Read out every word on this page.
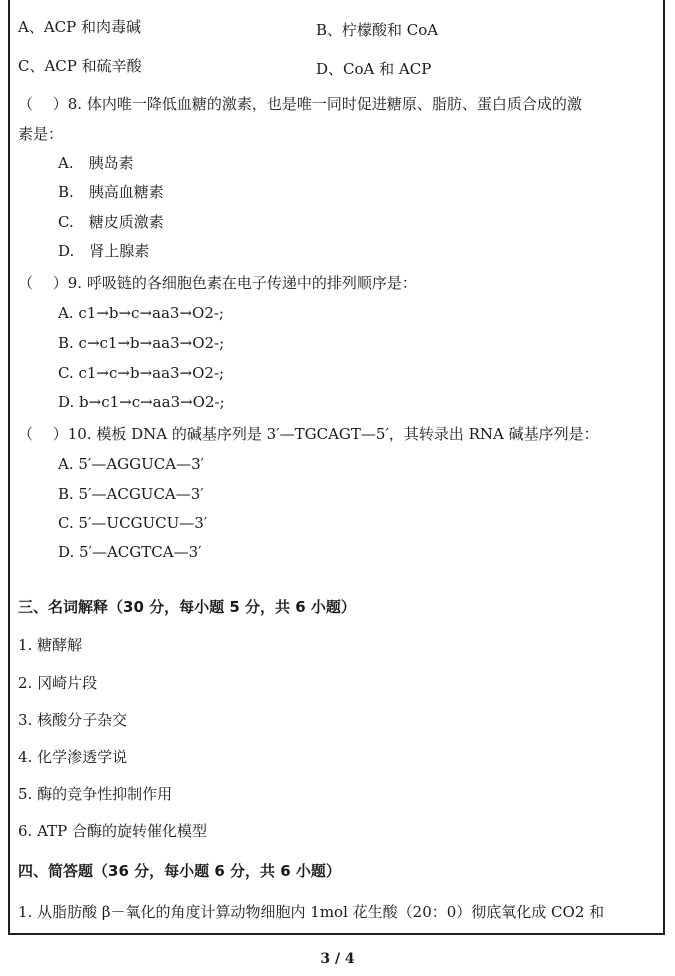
A、ACP 和肉毒碱	B、柠檬酸和 CoA
C、ACP 和硫辛酸	D、CoA 和 ACP
（　 ）8. 体内唯一降低血糖的激素，也是唯一同时促进糖原、脂肪、蛋白质合成的激
素是：
A.　胰岛素
B.　胰高血糖素
C.　糖皮质激素
D.　肾上腺素
（　 ）9. 呼吸链的各细胞色素在电子传递中的排列顺序是：
A. c1→b→c→aa3→O2-;
B. c→c1→b→aa3→O2-;
C. c1→c→b→aa3→O2-;
D. b→c1→c→aa3→O2-;
（　 ）10. 模板 DNA 的碱基序列是 3′—TGCAGT—5′，其转录出 RNA 碱基序列是：
A. 5′—AGGUCA—3′
B. 5′—ACGUCA—3′
C. 5′—UCGUCU—3′
D. 5′—ACGTCA—3′
三、名词解释（30 分，每小题 5 分，共 6 小题）
1. 糖酵解
2. 冈崎片段
3. 核酸分子杂交
4. 化学渗透学说
5. 酶的竞争性抑制作用
6. ATP 合酶的旋转催化模型
四、简答题（36 分，每小题 6 分，共 6 小题）
1. 从脂肪酸 β－氧化的角度计算动物细胞内 1mol 花生酸（20：0）彻底氧化成 CO2 和
3 / 4
